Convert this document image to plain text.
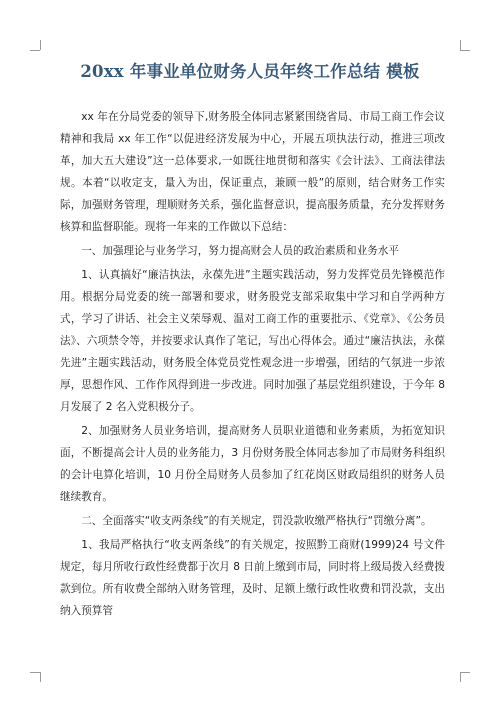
20xx 年事业单位财务人员年终工作总结 模板

xx 年在分局党委的领导下,财务股全体同志紧紧围绕省局、市局工商工作会议精神和我局 xx 年工作“以促进经济发展为中心，开展五项执法行动，推进三项改革，加大五大建设”这一总体要求,一如既往地贯彻和落实《会计法》、工商法律法规。本着“以收定支，量入为出，保证重点，兼顾一般”的原则，结合财务工作实际，加强财务管理，理顺财务关系，强化监督意识，提高服务质量，充分发挥财务核算和监督职能。现将一年来的工作做以下总结：

一、加强理论与业务学习，努力提高财会人员的政治素质和业务水平

1、认真搞好“廉洁执法，永葆先进”主题实践活动，努力发挥党员先锋模范作用。根据分局党委的统一部署和要求，财务股党支部采取集中学习和自学两种方式，学习了讲话、社会主义荣辱观、温对工商工作的重要批示、《党章》、《公务员法》、六项禁令等，并按要求认真作了笔记，写出心得体会。通过“廉洁执法，永葆先进”主题实践活动，财务股全体党员党性观念进一步增强，团结的气氛进一步浓厚，思想作风、工作作风得到进一步改进。同时加强了基层党组织建设，于今年 8 月发展了 2 名入党积极分子。

2、加强财务人员业务培训，提高财务人员职业道德和业务素质，为拓宽知识面，不断提高会计人员的业务能力，3 月份财务股全体同志参加了市局财务科组织的会计电算化培训，10 月份全局财务人员参加了红花岗区财政局组织的财务人员继续教育。

二、全面落实“收支两条线”的有关规定，罚没款收缴严格执行“罚缴分离”。

1、我局严格执行“收支两条线”的有关规定，按照黔工商财(1999)24 号文件规定，每月所收行政性经费都于次月 8 日前上缴到市局，同时将上级局拨入经费拨款到位。所有收费全部纳入财务管理，及时、足额上缴行政性收费和罚没款，支出纳入预算管
